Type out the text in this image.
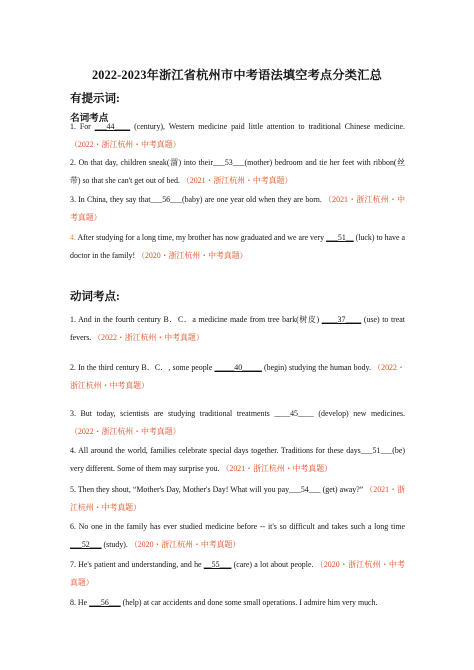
2022-2023年浙江省杭州市中考语法填空考点分类汇总
有提示词:
名词考点
1. For ___44____ (century), Western medicine paid little attention to traditional Chinese medicine. （2022・浙江杭州・中考真题）
2. On that day, children sneak(溜) into their___53___(mother) bedroom and tie her feet with ribbon(丝带) so that she can't get out of bed. （2021・浙江杭州・中考真题）
3. In China, they say that___56___(baby) are one year old when they are born. （2021・浙江杭州・中考真题）
4. After studying for a long time, my brother has now graduated and we are very ___51__ (luck) to have a doctor in the family! （2020・浙江杭州・中考真题）
动词考点:
1. And in the fourth century B．C．a medicine made from tree bark(树皮) ____37____ (use) to treat fevers. （2022・浙江杭州・中考真题）
2. In the third century B．C．, some people _____40_____ (begin) studying the human body. （2022・浙江杭州・中考真题）
3. But today, scientists are studying traditional treatments ____45____ (develop) new medicines. （2022・浙江杭州・中考真题）
4. All around the world, families celebrate special days together. Traditions for these days___51___(be) very different. Some of them may surprise you. （2021・浙江杭州・中考真题）
5. Then they shout, “Mother's Day, Mother's Day! What will you pay___54___ (get) away?” （2021・浙江杭州・中考真题）
6. No one in the family has ever studied medicine before -- it's so difficult and takes such a long time ___52___ (study). （2020・浙江杭州・中考真题）
7. He's patient and understanding, and he __55___ (care) a lot about people. （2020・浙江杭州・中考真题）
8. He ___56___ (help) at car accidents and done some small operations. I admire him very much.
